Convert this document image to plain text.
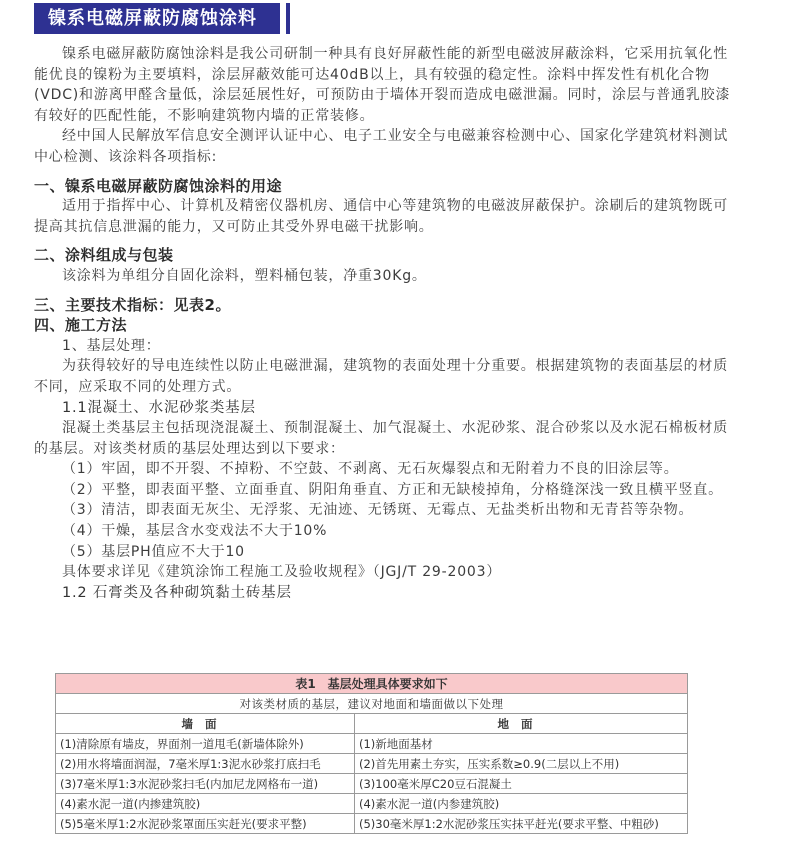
镍系电磁屏蔽防腐蚀涂料

镍系电磁屏蔽防腐蚀涂料是我公司研制一种具有良好屏蔽性能的新型电磁波屏蔽涂料，它采用抗氧化性能优良的镍粉为主要填料，涂层屏蔽效能可达40dB以上，具有较强的稳定性。涂料中挥发性有机化合物(VDC)和游离甲醛含量低，涂层延展性好，可预防由于墙体开裂而造成电磁泄漏。同时，涂层与普通乳胶漆有较好的匹配性能，不影响建筑物内墙的正常装修。

经中国人民解放军信息安全测评认证中心、电子工业安全与电磁兼容检测中心、国家化学建筑材料测试中心检测、该涂料各项指标:

一、镍系电磁屏蔽防腐蚀涂料的用途

适用于指挥中心、计算机及精密仪器机房、通信中心等建筑物的电磁波屏蔽保护。涂刷后的建筑物既可提高其抗信息泄漏的能力，又可防止其受外界电磁干扰影响。

二、涂料组成与包装

该涂料为单组分自固化涂料，塑料桶包装，净重30Kg。

三、主要技术指标：见表2。

四、施工方法

1、基层处理：

为获得较好的导电连续性以防止电磁泄漏，建筑物的表面处理十分重要。根据建筑物的表面基层的材质不同，应采取不同的处理方式。

1.1混凝土、水泥砂浆类基层

混凝土类基层主包括现浇混凝土、预制混凝土、加气混凝土、水泥砂浆、混合砂浆以及水泥石棉板材质的基层。对该类材质的基层处理达到以下要求：

（1）牢固，即不开裂、不掉粉、不空鼓、不剥离、无石灰爆裂点和无附着力不良的旧涂层等。

（2）平整，即表面平整、立面垂直、阴阳角垂直、方正和无缺棱掉角，分格缝深浅一致且横平竖直。

（3）清洁，即表面无灰尘、无浮浆、无油迹、无锈斑、无霉点、无盐类析出物和无青苔等杂物。

（4）干燥，基层含水变戏法不大于10%

（5）基层PH值应不大于10

具体要求详见《建筑涂饰工程施工及验收规程》（JGJ/T 29-2003）

1.2 石膏类及各种砌筑黏土砖基层

表1　基层处理具体要求如下	
对该类材质的基层，建议对地面和墙面做以下处理	
墙面	地面
(1)清除原有墙皮，界面剂一道甩毛(新墙体除外)	(1)新地面基材
(2)用水将墙面润湿，7毫米厚1:3泥水砂浆打底扫毛	(2)首先用素土夯实，压实系数≥0.9(二层以上不用)
(3)7毫米厚1:3水泥砂浆扫毛(内加尼龙网格布一道)	(3)100毫米厚C20豆石混凝土
(4)素水泥一道(内掺建筑胶)	(4)素水泥一道(内参建筑胶)
(5)5毫米厚1:2水泥砂浆罩面压实赶光(要求平整)	(5)30毫米厚1:2水泥砂浆压实抹平赶光(要求平整、中粗砂)
